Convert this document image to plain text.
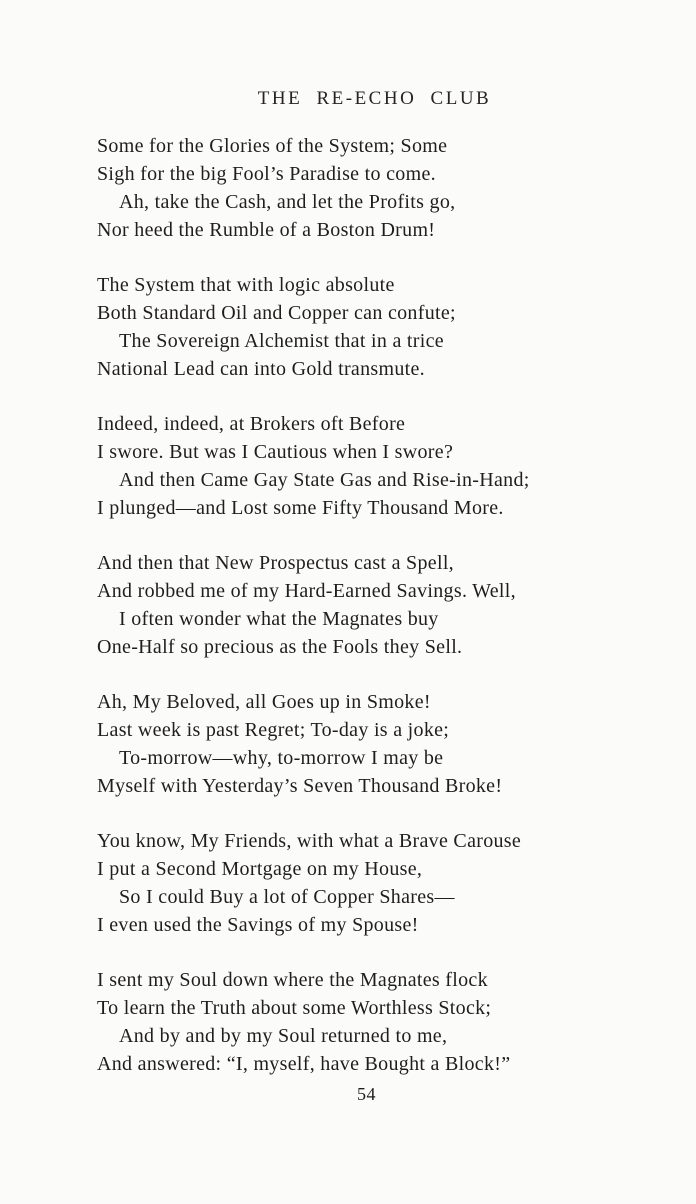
THE RE-ECHO CLUB

Some for the Glories of the System; Some

Sigh for the big Fool’s Paradise to come.

Ah, take the Cash, and let the Profits go,

Nor heed the Rumble of a Boston Drum!

The System that with logic absolute

Both Standard Oil and Copper can confute;

The Sovereign Alchemist that in a trice

National Lead can into Gold transmute.

Indeed, indeed, at Brokers oft Before

I swore. But was I Cautious when I swore?

And then Came Gay State Gas and Rise-in-Hand;

I plunged—and Lost some Fifty Thousand More.

And then that New Prospectus cast a Spell,

And robbed me of my Hard-Earned Savings. Well,

I often wonder what the Magnates buy

One-Half so precious as the Fools they Sell.

Ah, My Beloved, all Goes up in Smoke!

Last week is past Regret; To-day is a joke;

To-morrow—why, to-morrow I may be

Myself with Yesterday’s Seven Thousand Broke!

You know, My Friends, with what a Brave Carouse

I put a Second Mortgage on my House,

So I could Buy a lot of Copper Shares—

I even used the Savings of my Spouse!

I sent my Soul down where the Magnates flock

To learn the Truth about some Worthless Stock;

And by and by my Soul returned to me,

And answered: “I, myself, have Bought a Block!”

54
